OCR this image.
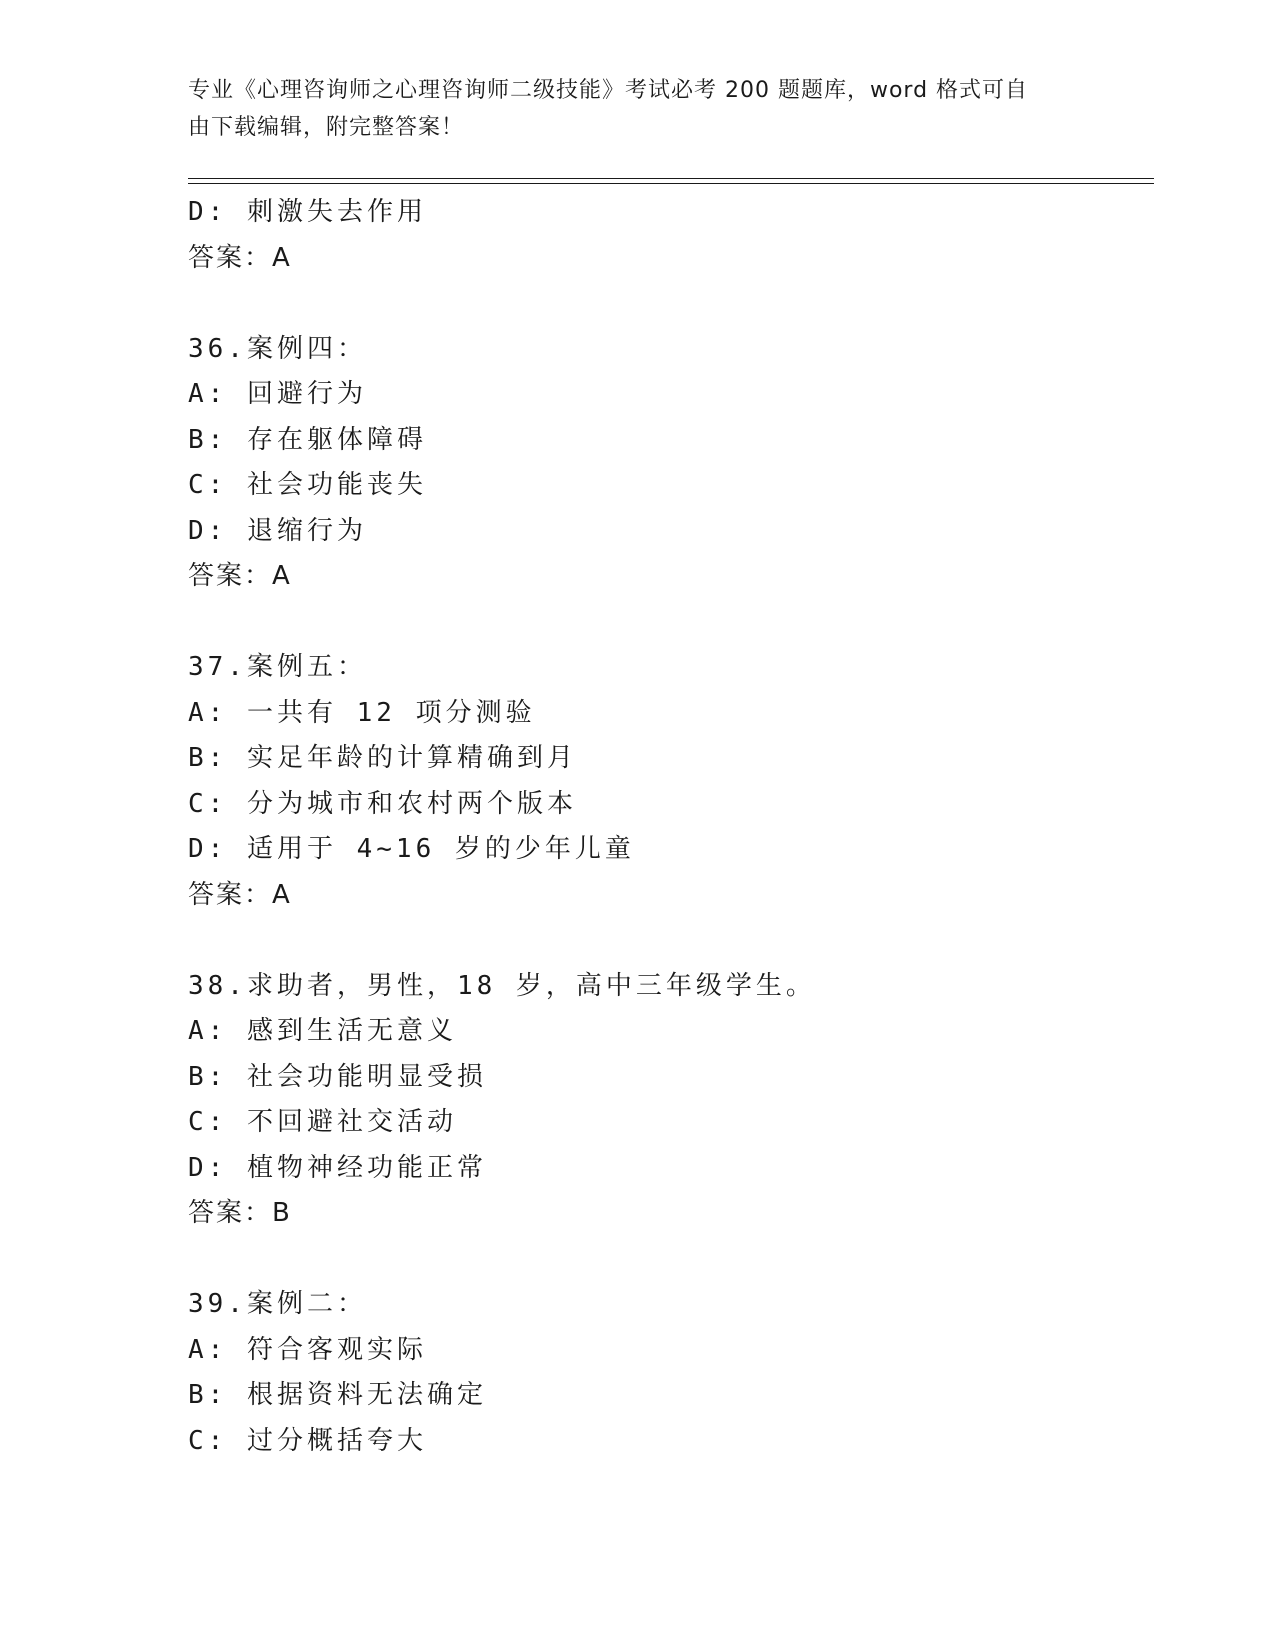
专业《心理咨询师之心理咨询师二级技能》考试必考 200 题题库，word 格式可自
由下载编辑，附完整答案！
D: 刺激失去作用
答案：A
36.案例四：
A: 回避行为
B: 存在躯体障碍
C: 社会功能丧失
D: 退缩行为
答案：A
37.案例五：
A: 一共有 12 项分测验
B: 实足年龄的计算精确到月
C: 分为城市和农村两个版本
D: 适用于 4~16 岁的少年儿童
答案：A
38.求助者，男性，18 岁，高中三年级学生。
A: 感到生活无意义
B: 社会功能明显受损
C: 不回避社交活动
D: 植物神经功能正常
答案：B
39.案例二：
A: 符合客观实际
B: 根据资料无法确定
C: 过分概括夸大
